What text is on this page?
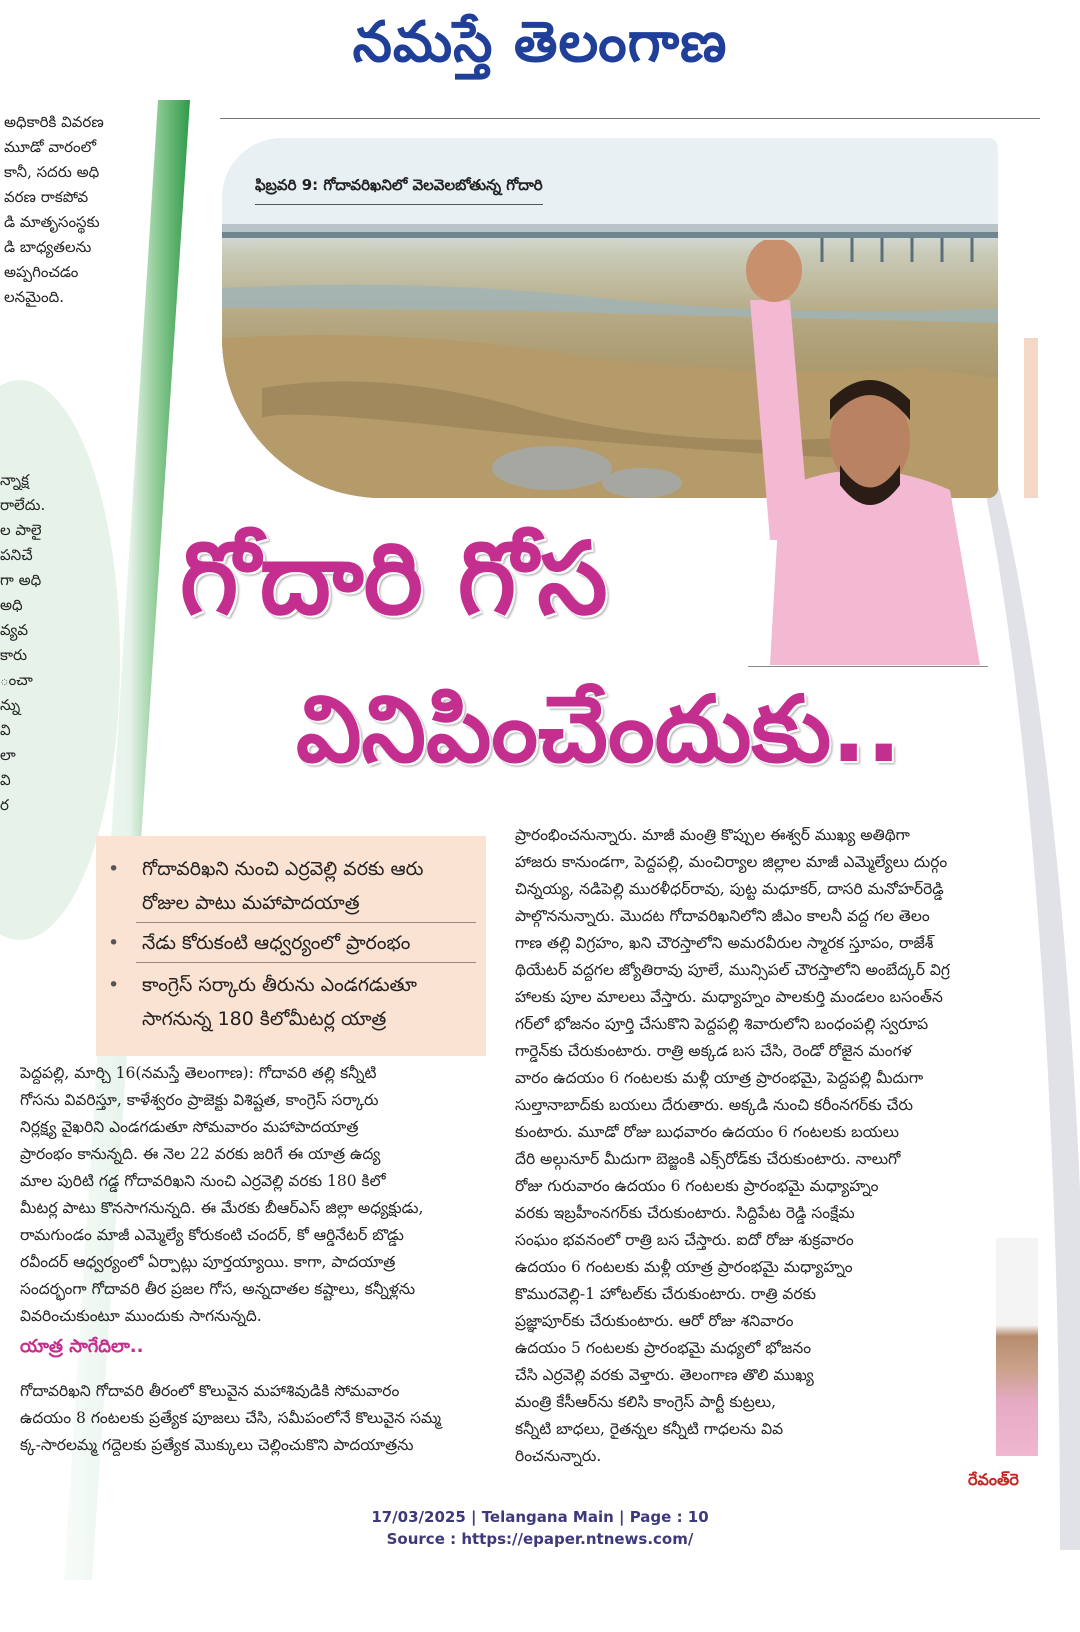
నమస్తే తెలంగాణ
అధికారికి వివరణ
మూడో వారంలో
కానీ, సదరు అధి
వరణ రాకపోవ
డి మాతృసంస్థకు
డి బాధ్యతలను
అప్పగించడం
లనమైంది.
న్నాక్ష
రాలేదు.
ల పాలై
పనిచే
గా అధి
అధి
వ్యవ
కారు
ంచా
న్ను
వి
లా
వి
ర
ఫిబ్రవరి 9: గోదావరిఖనిలో వెలవెలబోతున్న గోదారి
గోదారి గోస
వినిపించేందుకు..
•	గోదావరిఖని నుంచి ఎర్రవెల్లి వరకు ఆరు రోజుల పాటు మహాపాదయాత్ర
•	నేడు కోరుకంటి ఆధ్వర్యంలో ప్రారంభం
•	కాంగ్రెస్ సర్కారు తీరును ఎండగడుతూ సాగనున్న 180 కిలోమీటర్ల యాత్ర
పెద్దపల్లి, మార్చి 16(నమస్తే తెలంగాణ): గోదావరి తల్లి కన్నీటి
గోసను వివరిస్తూ, కాళేశ్వరం ప్రాజెక్టు విశిష్టత, కాంగ్రెస్ సర్కారు
నిర్లక్ష్య వైఖరిని ఎండగడుతూ సోమవారం మహాపాదయాత్ర
ప్రారంభం కానున్నది. ఈ నెల 22 వరకు జరిగే ఈ యాత్ర ఉద్య
మాల పురిటి గడ్డ గోదావరిఖని నుంచి ఎర్రవెల్లి వరకు 180 కిలో
మీటర్ల పాటు కొనసాగనున్నది. ఈ మేరకు బీఆర్ఎస్ జిల్లా అధ్యక్షుడు,
రామగుండం మాజీ ఎమ్మెల్యే కోరుకంటి చందర్, కో ఆర్డినేటర్ బొడ్డు
రవీందర్ ఆధ్వర్యంలో ఏర్పాట్లు పూర్తయ్యాయి. కాగా, పాదయాత్ర
సందర్భంగా గోదావరి తీర ప్రజల గోస, అన్నదాతల కష్టాలు, కన్నీళ్లను
వివరించుకుంటూ ముందుకు సాగనున్నది.
యాత్ర సాగేదిలా..
గోదావరిఖని గోదావరి తీరంలో కొలువైన మహాశివుడికి సోమవారం
ఉదయం 8 గంటలకు ప్రత్యేక పూజలు చేసి, సమీపంలోనే కొలువైన సమ్మ
క్క-సారలమ్మ గద్దెలకు ప్రత్యేక మొక్కులు చెల్లించుకొని పాదయాత్రను
ప్రారంభించనున్నారు. మాజీ మంత్రి కొప్పుల ఈశ్వర్ ముఖ్య అతిథిగా
హాజరు కానుండగా, పెద్దపల్లి, మంచిర్యాల జిల్లాల మాజీ ఎమ్మెల్యేలు దుర్గం
చిన్నయ్య, నడిపెల్లి మురళీధర్‌రావు, పుట్ట మధూకర్, దాసరి మనోహర్‌రెడ్డి
పాల్గొననున్నారు. మొదట గోదావరిఖనిలోని జీఎం కాలనీ వద్ద గల తెలం
గాణ తల్లి విగ్రహం, ఖని చౌరస్తాలోని అమరవీరుల స్మారక స్తూపం, రాజేశ్
థియేటర్ వద్దగల జ్యోతిరావు పూలే, మున్సిపల్ చౌరస్తాలోని అంబేద్కర్ విగ్ర
హాలకు పూల మాలలు వేస్తారు. మధ్యాహ్నం పాలకుర్తి మండలం బసంత్‌న
గర్‌లో భోజనం పూర్తి చేసుకొని పెద్దపల్లి శివారులోని బంధంపల్లి స్వరూప
గార్డెన్‌కు చేరుకుంటారు. రాత్రి అక్కడ బస చేసి, రెండో రోజైన మంగళ
వారం ఉదయం 6 గంటలకు మళ్లీ యాత్ర ప్రారంభమై, పెద్దపల్లి మీదుగా
సుల్తానాబాద్‌కు బయలు దేరుతారు. అక్కడి నుంచి కరీంనగర్‌కు చేరు
కుంటారు. మూడో రోజు బుధవారం ఉదయం 6 గంటలకు బయలు
దేరి అల్గునూర్ మీదుగా బెజ్జంకి ఎక్స్‌రోడ్‌కు చేరుకుంటారు. నాలుగో
రోజు గురువారం ఉదయం 6 గంటలకు ప్రారంభమై మధ్యాహ్నం
వరకు ఇబ్రహీంనగర్‌కు చేరుకుంటారు. సిద్దిపేట రెడ్డి సంక్షేమ
సంఘం భవనంలో రాత్రి బస చేస్తారు. ఐదో రోజు శుక్రవారం
ఉదయం 6 గంటలకు మళ్లీ యాత్ర ప్రారంభమై మధ్యాహ్నం
కొమురవెల్లి-1 హోటల్‌కు చేరుకుంటారు. రాత్రి వరకు
ప్రజ్ఞాపూర్‌కు చేరుకుంటారు. ఆరో రోజు శనివారం
ఉదయం 5 గంటలకు ప్రారంభమై మధ్యలో భోజనం
చేసి ఎర్రవెల్లి వరకు వెళ్తారు. తెలంగాణ తొలి ముఖ్య
మంత్రి కేసీఆర్‌ను కలిసి కాంగ్రెస్ పార్టీ కుట్రలు,
కన్నీటి బాధలు, రైతన్నల కన్నీటి గాధలను వివ
రించనున్నారు.
రేవంత్‌రె
17/03/2025 | Telangana Main | Page : 10
Source : https://epaper.ntnews.com/
